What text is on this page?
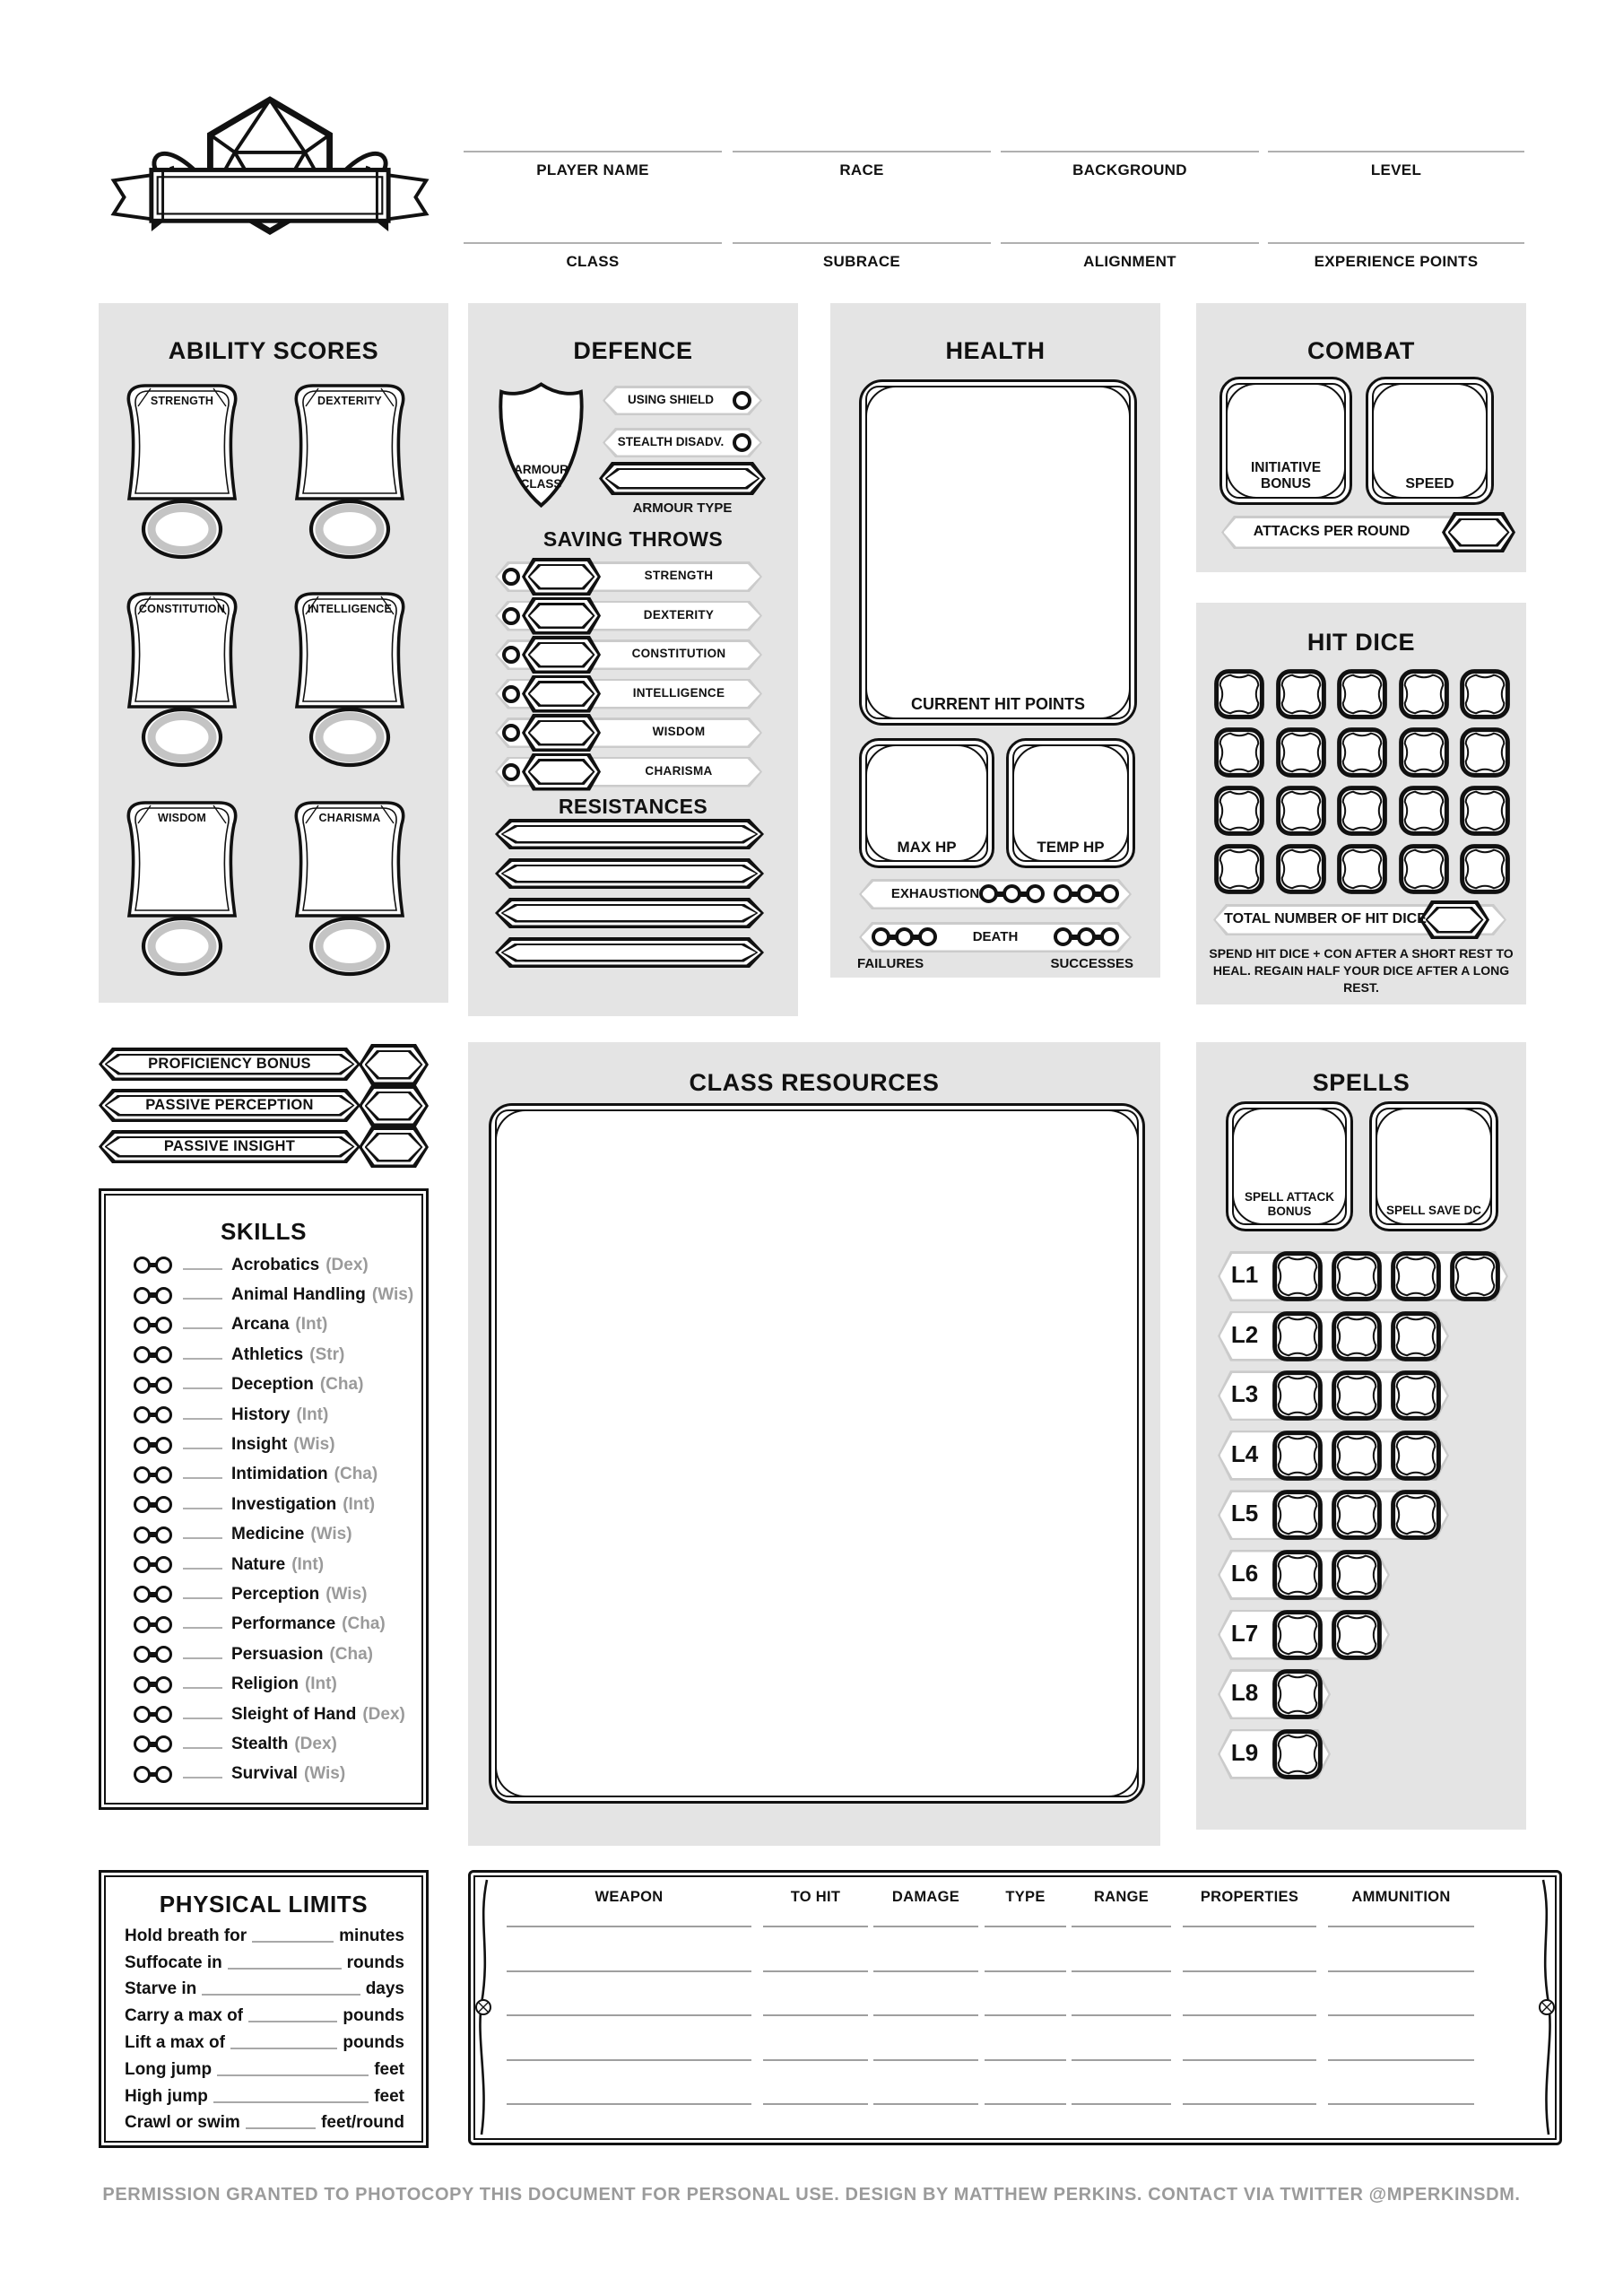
PLAYER NAME	RACE	BACKGROUND	LEVEL
CLASS	SUBRACE	ALIGNMENT	EXPERIENCE POINTS
ABILITY SCORES
STRENGTH	DEXTERITY
CONSTITUTION	INTELLIGENCE
WISDOM	CHARISMA
DEFENCE
ARMOUR CLASS
USING SHIELD
STEALTH DISADV.
ARMOUR TYPE
SAVING THROWS
STRENGTH
DEXTERITY
CONSTITUTION
INTELLIGENCE
WISDOM
CHARISMA
RESISTANCES
HEALTH
CURRENT HIT POINTS
MAX HP	TEMP HP
EXHAUSTION
DEATH
FAILURES	SUCCESSES
COMBAT
INITIATIVE BONUS	SPEED
ATTACKS PER ROUND
HIT DICE
TOTAL NUMBER OF HIT DICE
SPEND HIT DICE + CON AFTER A SHORT REST TO HEAL. REGAIN HALF YOUR DICE AFTER A LONG REST.
PROFICIENCY BONUS
PASSIVE PERCEPTION
PASSIVE INSIGHT
SKILLS
Acrobatics (Dex)
Animal Handling (Wis)
Arcana (Int)
Athletics (Str)
Deception (Cha)
History (Int)
Insight (Wis)
Intimidation (Cha)
Investigation (Int)
Medicine (Wis)
Nature (Int)
Perception (Wis)
Performance (Cha)
Persuasion (Cha)
Religion (Int)
Sleight of Hand (Dex)
Stealth (Dex)
Survival (Wis)
CLASS RESOURCES	SPELLS
SPELL ATTACK BONUS	SPELL SAVE DC
L1
L2
L3
L4
L5
L6
L7
L8
L9
PHYSICAL LIMITS
Hold breath for	minutes
Suffocate in	rounds
Starve in	days
Carry a max of	pounds
Lift a max of	pounds
Long jump	feet
High jump	feet
Crawl or swim	feet/round
WEAPON	TO HIT	DAMAGE	TYPE	RANGE	PROPERTIES	AMMUNITION
PERMISSION GRANTED TO PHOTOCOPY THIS DOCUMENT FOR PERSONAL USE. DESIGN BY MATTHEW PERKINS. CONTACT VIA TWITTER @MPERKINSDM.
